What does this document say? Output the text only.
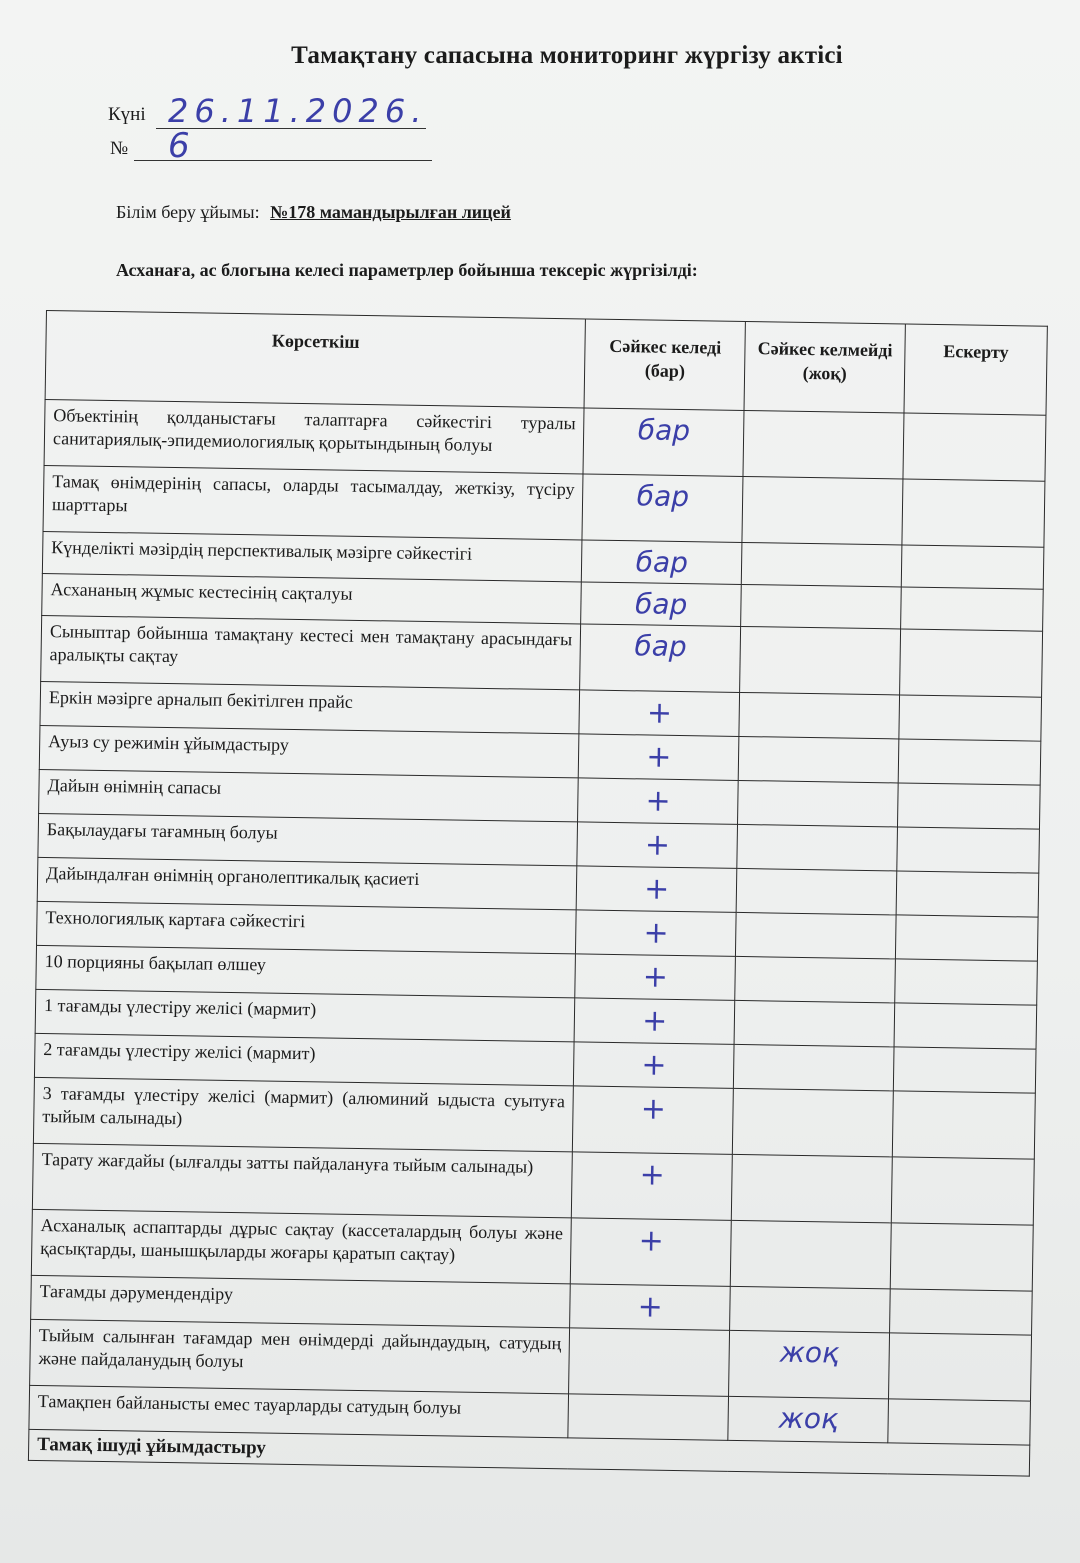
Тамақтану сапасына мониторинг жүргізу актісі
Күні 26.11.2026.
№ 6
Білім беру ұйымы: №178 мамандырылған лицей
Асханаға, ас блогына келесі параметрлер бойынша тексеріс жүргізілді:
Көрсеткіш	Сәйкес келеді (бар)	Сәйкес келмейді (жоқ)	Ескерту
Объектінің қолданыстағы талаптарға сәйкестігі туралы санитариялық-эпидемиологиялық қорытындының болуы	бар		
Тамақ өнімдерінің сапасы, оларды тасымалдау, жеткізу, түсіру шарттары	бар		
Күнделікті мәзірдің перспективалық мәзірге сәйкестігі	бар		
Асхананың жұмыс кестесінің сақталуы	бар		
Сыныптар бойынша тамақтану кестесі мен тамақтану арасындағы аралықты сақтау	бар		
Еркін мәзірге арналып бекітілген прайс	+		
Ауыз су режимін ұйымдастыру	+		
Дайын өнімнің сапасы	+		
Бақылаудағы тағамның болуы	+		
Дайындалған өнімнің органолептикалық қасиеті	+		
Технологиялық картаға сәйкестігі	+		
10 порцияны бақылап өлшеу	+		
1 тағамды үлестіру желісі (мармит)	+		
2 тағамды үлестіру желісі (мармит)	+		
3 тағамды үлестіру желісі (мармит) (алюминий ыдыста суытуға тыйым салынады)	+		
Тарату жағдайы (ылғалды затты пайдалануға тыйым салынады)	+		
Асханалық аспаптарды дұрыс сақтау (кассеталардың болуы және қасықтарды, шанышқыларды жоғары қаратып сақтау)	+		
Тағамды дәрумендендіру	+		
Тыйым салынған тағамдар мен өнімдерді дайындаудың, сатудың және пайдаланудың болуы		жоқ	
Тамақпен байланысты емес тауарларды сатудың болуы		жоқ	
Тамақ ішуді ұйымдастыру			
